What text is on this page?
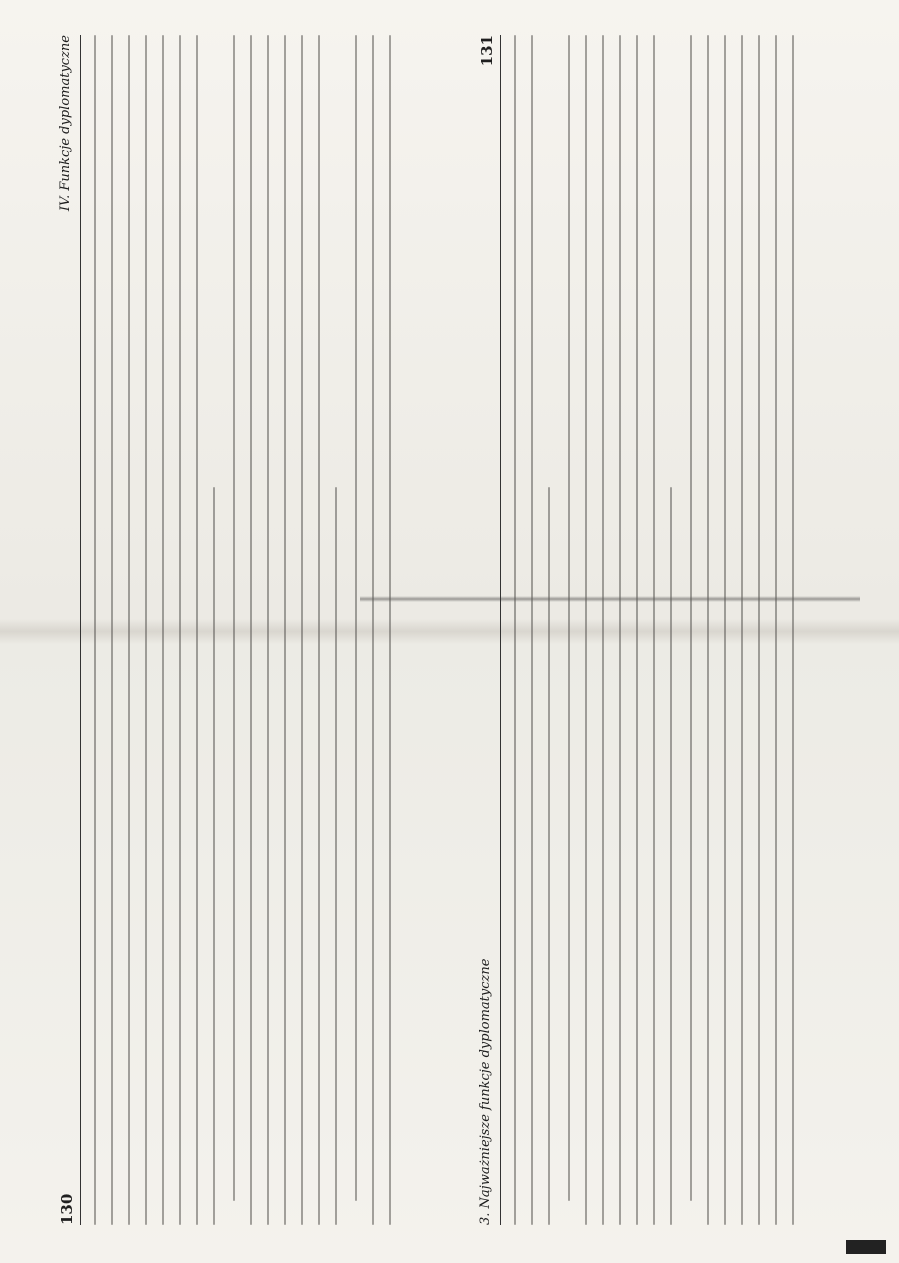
130
IV. Funkcje dyplomatyczne
3. Najważniejsze funkcje dyplomatyczne
131
